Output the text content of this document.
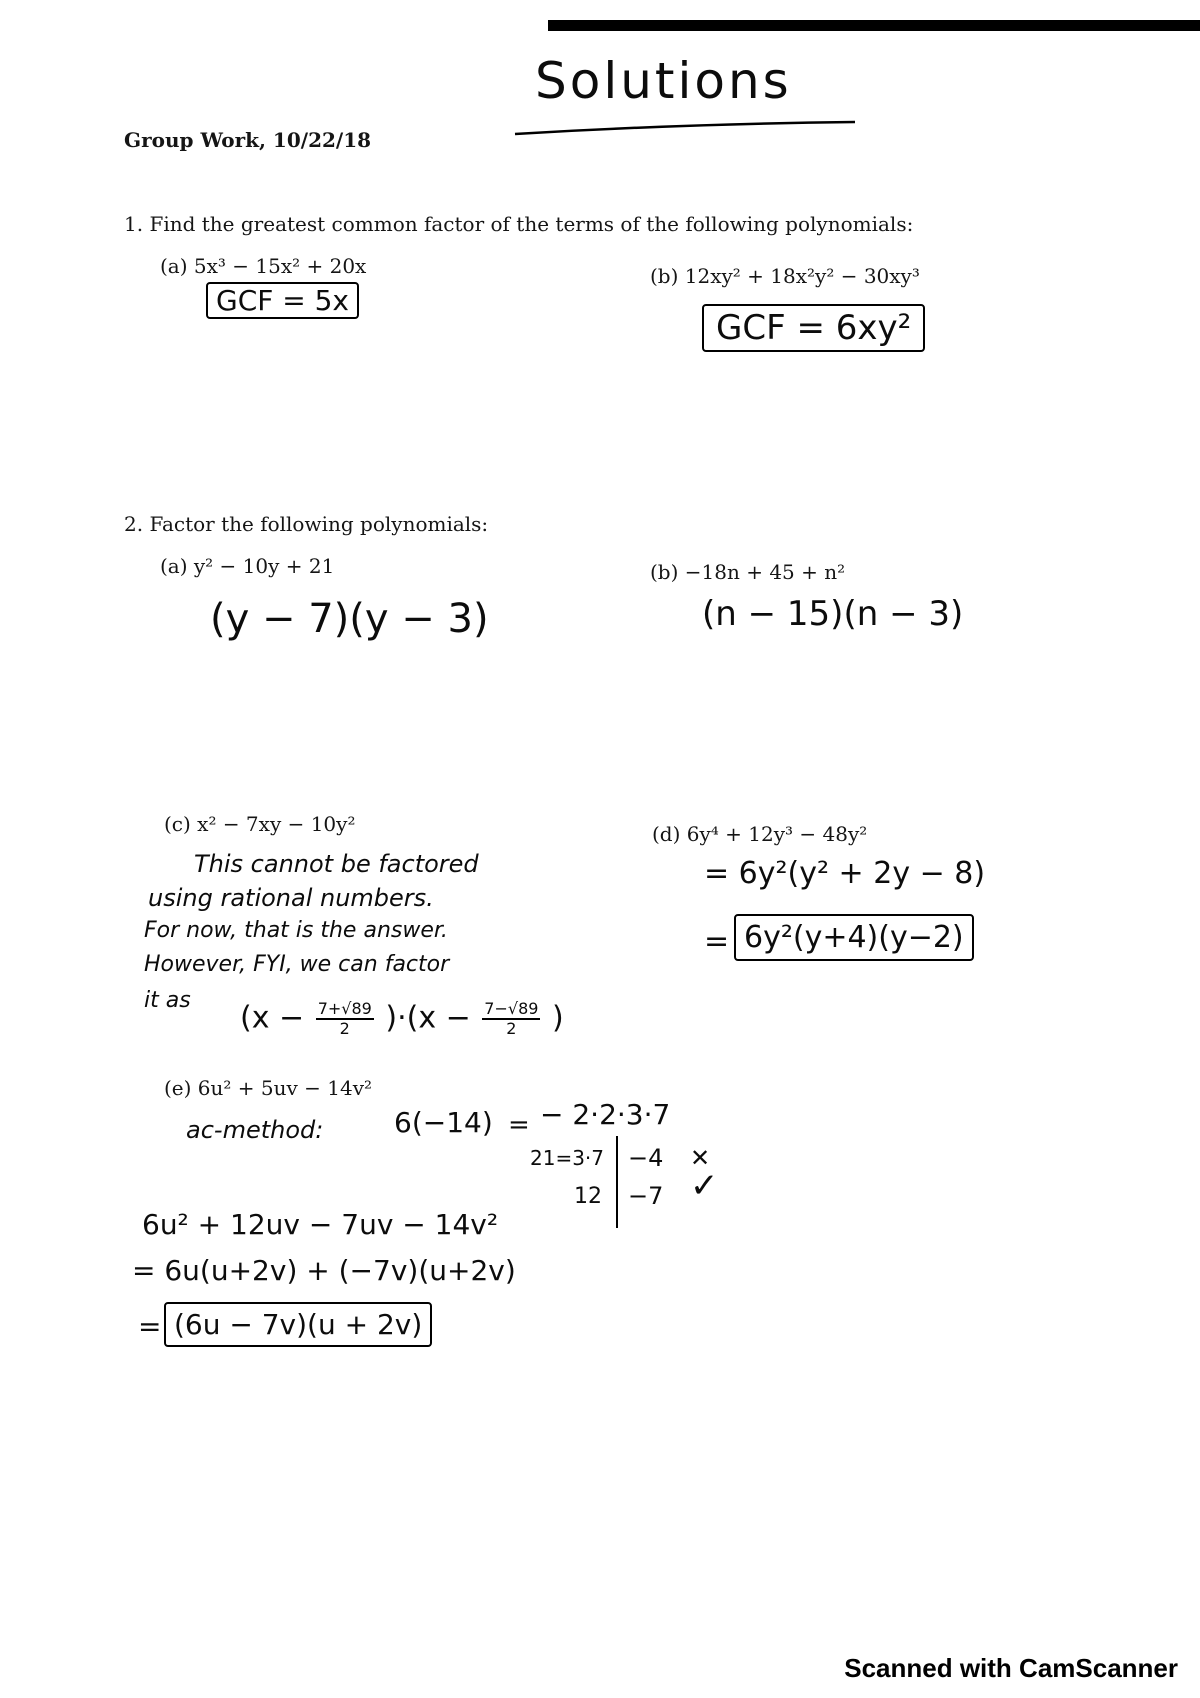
Solutions
Group Work, 10/22/18
1. Find the greatest common factor of the terms of the following polynomials:
(a) 5x³ − 15x² + 20x
GCF = 5x
(b) 12xy² + 18x²y² − 30xy³
GCF = 6xy²
2. Factor the following polynomials:
(a) y² − 10y + 21
(y − 7)(y − 3)
(b) −18n + 45 + n²
(n − 15)(n − 3)
(c) x² − 7xy − 10y²
This cannot be factored
using rational numbers.
For now, that is the answer.
However, FYI, we can factor
it as $(x - \frac{7+√89}{2} )\cdot(x - \frac{7-√89}{2}$ )
(d) 6y⁴ + 12y³ − 48y²
= 6y²(y² + 2y − 8)
= 6y²(y+4)(y−2)
(e) 6u² + 5uv − 14v²
ac-method:	6(−14) = − 2·2·3·7
21=3·7 −4 ✕
12 −7 ✓
6u² + 12uv − 7uv − 14v²
= 6u(u+2v) + (−7v)(u+2v)
= (6u − 7v)(u + 2v)
Scanned with CamScanner
